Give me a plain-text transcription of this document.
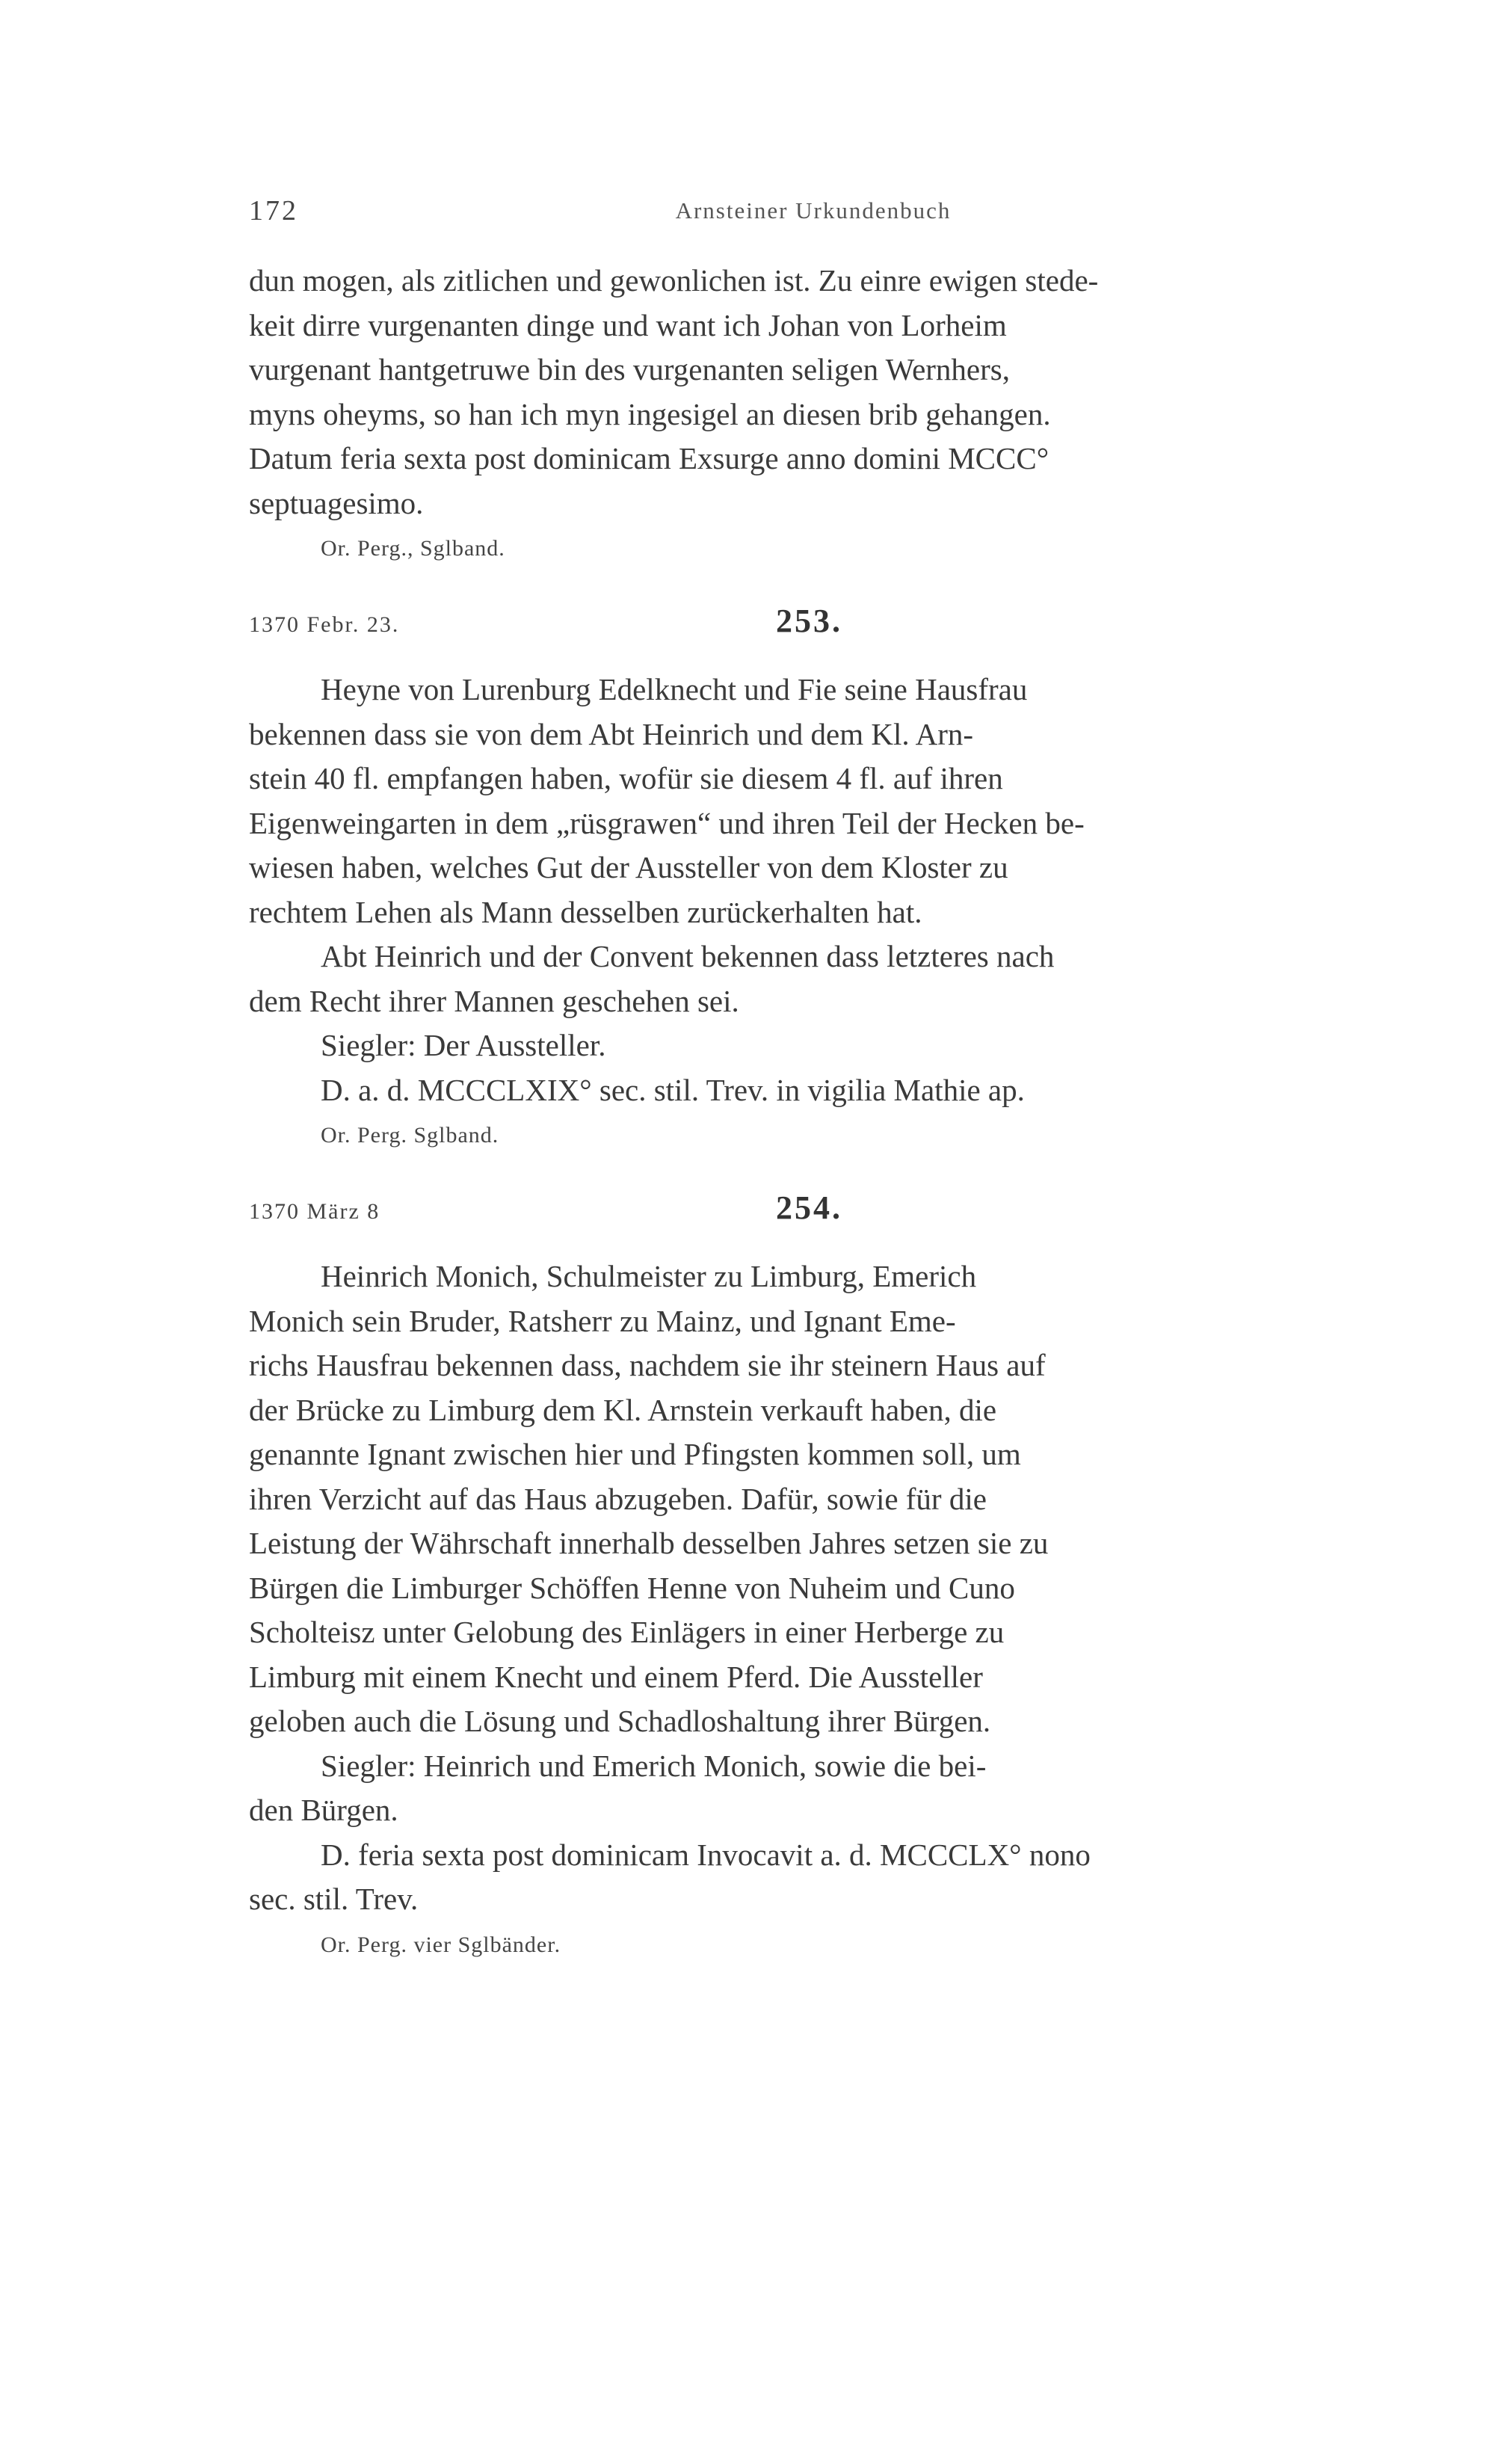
172	Arnsteiner Urkundenbuch
dun mogen, als zitlichen und gewonlichen ist. Zu einre ewigen stede-
keit dirre vurgenanten dinge und want ich Johan von Lorheim
vurgenant hantgetruwe bin des vurgenanten seligen Wernhers,
myns oheyms, so han ich myn ingesigel an diesen brib gehangen.
Datum feria sexta post dominicam Exsurge anno domini MCCC°
septuagesimo.
Or. Perg., Sglband.
1370 Febr. 23.	253.
Heyne von Lurenburg Edelknecht und Fie seine Hausfrau
bekennen dass sie von dem Abt Heinrich und dem Kl. Arn-
stein 40 fl. empfangen haben, wofür sie diesem 4 fl. auf ihren
Eigenweingarten in dem „rüsgrawen“ und ihren Teil der Hecken be-
wiesen haben, welches Gut der Aussteller von dem Kloster zu
rechtem Lehen als Mann desselben zurückerhalten hat.
Abt Heinrich und der Convent bekennen dass letzteres nach
dem Recht ihrer Mannen geschehen sei.
Siegler: Der Aussteller.
D. a. d. MCCCLXIX° sec. stil. Trev. in vigilia Mathie ap.
Or. Perg. Sglband.
1370 März 8	254.
Heinrich Monich, Schulmeister zu Limburg, Emerich
Monich sein Bruder, Ratsherr zu Mainz, und Ignant Eme-
richs Hausfrau bekennen dass, nachdem sie ihr steinern Haus auf
der Brücke zu Limburg dem Kl. Arnstein verkauft haben, die
genannte Ignant zwischen hier und Pfingsten kommen soll, um
ihren Verzicht auf das Haus abzugeben. Dafür, sowie für die
Leistung der Währschaft innerhalb desselben Jahres setzen sie zu
Bürgen die Limburger Schöffen Henne von Nuheim und Cuno
Scholteisz unter Gelobung des Einlägers in einer Herberge zu
Limburg mit einem Knecht und einem Pferd. Die Aussteller
geloben auch die Lösung und Schadloshaltung ihrer Bürgen.
Siegler: Heinrich und Emerich Monich, sowie die bei-
den Bürgen.
D. feria sexta post dominicam Invocavit a. d. MCCCLX° nono
sec. stil. Trev.
Or. Perg. vier Sglbänder.
